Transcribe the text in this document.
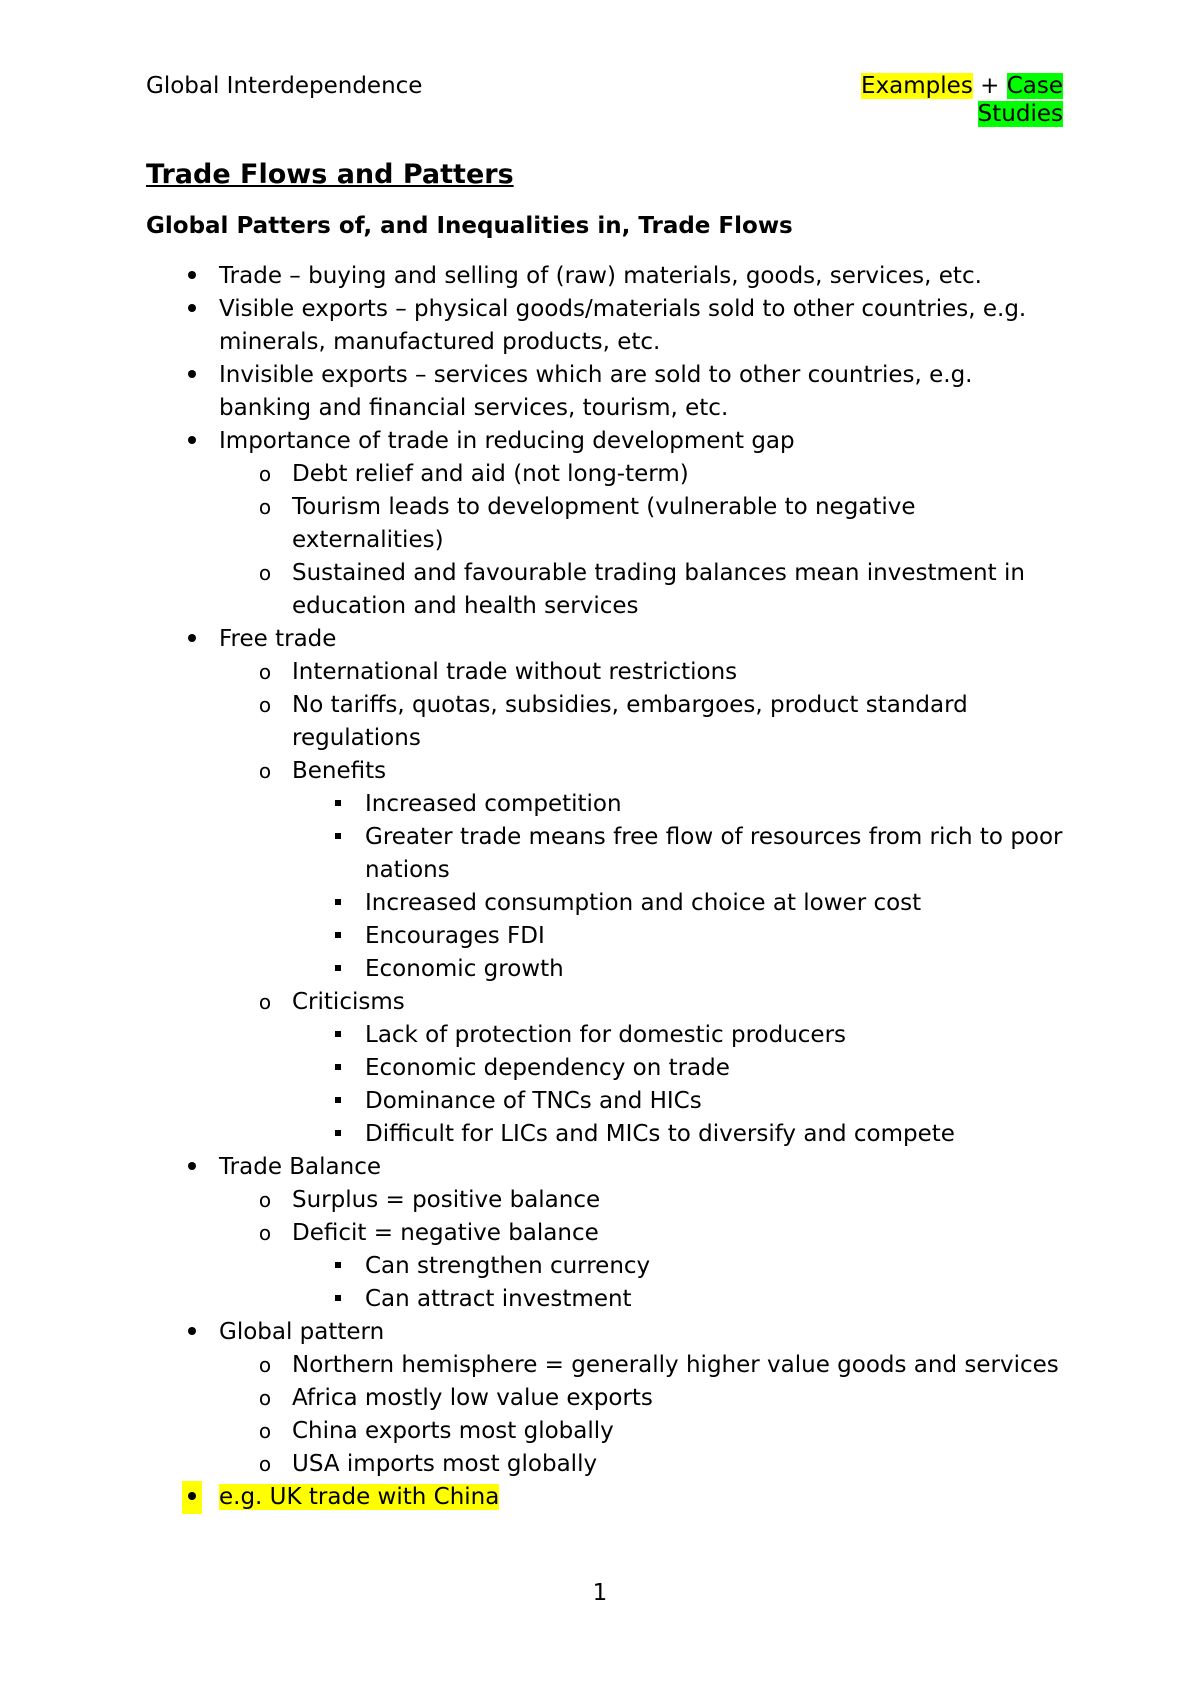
Global Interdependence	Examples + Case
Studies
Trade Flows and Patters
Global Patters of, and Inequalities in, Trade Flows
Trade – buying and selling of (raw) materials, goods, services, etc.
Visible exports – physical goods/materials sold to other countries, e.g. minerals, manufactured products, etc.
Invisible exports – services which are sold to other countries, e.g. banking and financial services, tourism, etc.
Importance of trade in reducing development gap
o Debt relief and aid (not long-term)
o Tourism leads to development (vulnerable to negative externalities)
o Sustained and favourable trading balances mean investment in education and health services
Free trade
o International trade without restrictions
o No tariffs, quotas, subsidies, embargoes, product standard regulations
o Benefits
Increased competition
Greater trade means free flow of resources from rich to poor nations
Increased consumption and choice at lower cost
Encourages FDI
Economic growth
o Criticisms
Lack of protection for domestic producers
Economic dependency on trade
Dominance of TNCs and HICs
Difficult for LICs and MICs to diversify and compete
Trade Balance
o Surplus = positive balance
o Deficit = negative balance
Can strengthen currency
Can attract investment
Global pattern
o Northern hemisphere = generally higher value goods and services
o Africa mostly low value exports
o China exports most globally
o USA imports most globally
e.g. UK trade with China
1
